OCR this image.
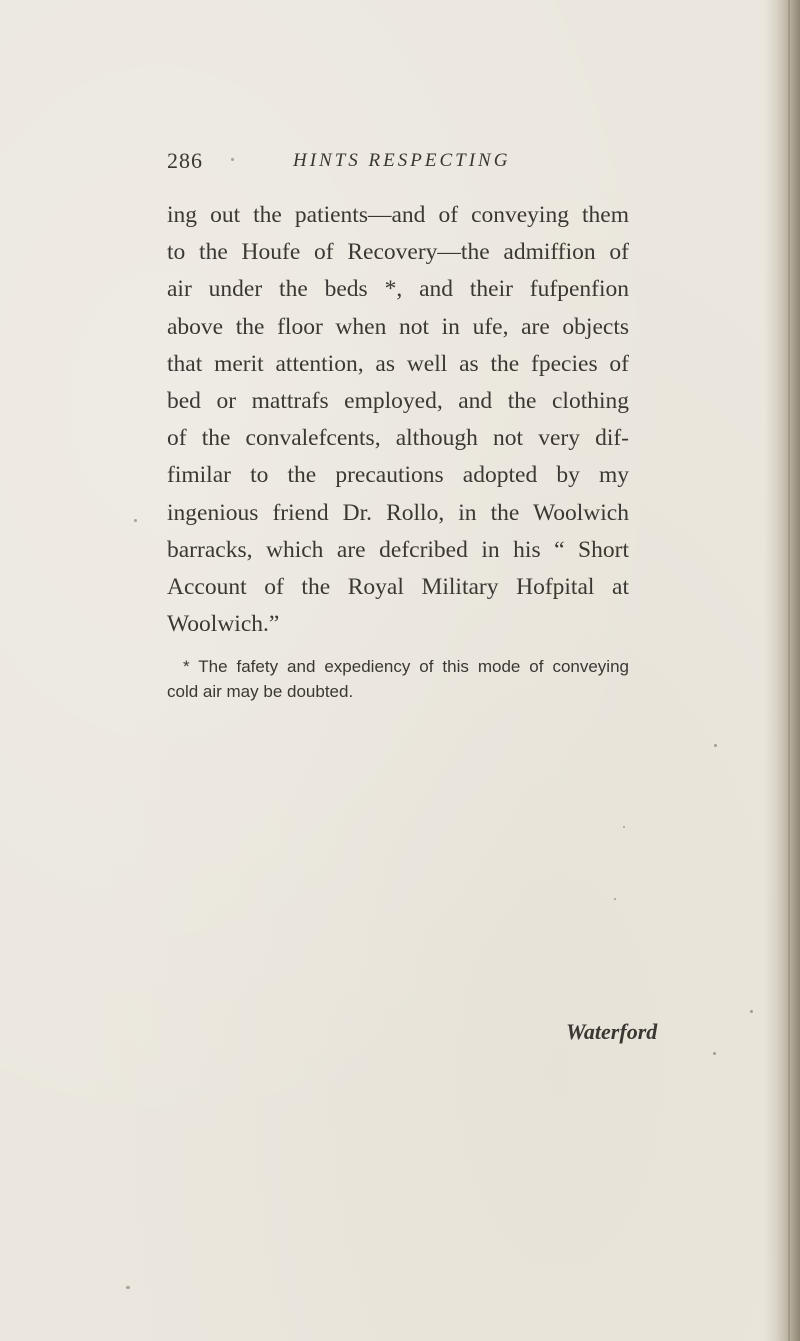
286	HINTS RESPECTING
ing out the patients—and of conveying them
to the Houfe of Recovery—the admiffion of
air under the beds *, and their fufpenfion
above the floor when not in ufe, are objects
that merit attention, as well as the fpecies of
bed or mattrafs employed, and the clothing
of the convalefcents, although not very dif-
fimilar to the precautions adopted by my
ingenious friend Dr. Rollo, in the Woolwich
barracks, which are defcribed in his “ Short
Account of the Royal Military Hofpital at
Woolwich.”
* The fafety and expediency of this mode of conveying
cold air may be doubted.
Waterford
